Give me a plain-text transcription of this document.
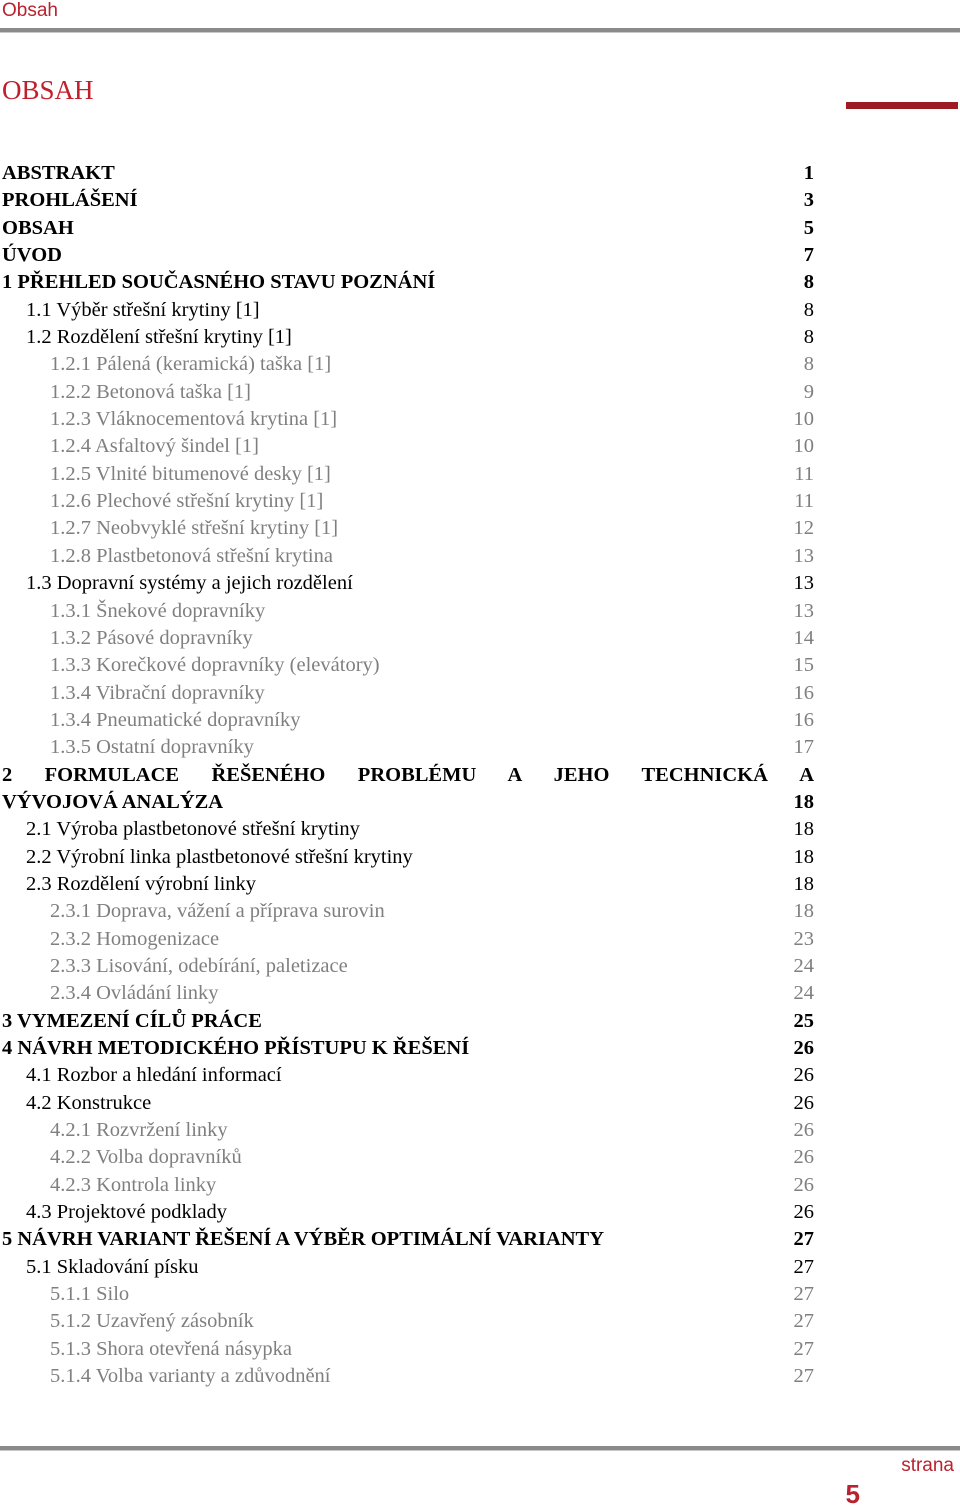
Obsah
OBSAH
ABSTRAKT	1
PROHLÁŠENÍ	3
OBSAH	5
ÚVOD	7
1 PŘEHLED SOUČASNÉHO STAVU POZNÁNÍ	8
1.1 Výběr střešní krytiny [1]	8
1.2 Rozdělení střešní krytiny [1]	8
1.2.1 Pálená (keramická) taška [1]	8
1.2.2 Betonová taška [1]	9
1.2.3 Vláknocementová krytina [1]	10
1.2.4 Asfaltový šindel [1]	10
1.2.5 Vlnité bitumenové desky [1]	11
1.2.6 Plechové střešní krytiny [1]	11
1.2.7 Neobvyklé střešní krytiny [1]	12
1.2.8 Plastbetonová střešní krytina	13
1.3 Dopravní systémy a jejich rozdělení	13
1.3.1 Šnekové dopravníky	13
1.3.2 Pásové dopravníky	14
1.3.3 Korečkové dopravníky (elevátory)	15
1.3.4 Vibrační dopravníky	16
1.3.4 Pneumatické dopravníky	16
1.3.5 Ostatní dopravníky	17
2 FORMULACE ŘEŠENÉHO PROBLÉMU A JEHO TECHNICKÁ A
VÝVOJOVÁ ANALÝZA	18
2.1 Výroba plastbetonové střešní krytiny	18
2.2 Výrobní linka plastbetonové střešní krytiny	18
2.3 Rozdělení výrobní linky	18
2.3.1 Doprava, vážení a příprava surovin	18
2.3.2 Homogenizace	23
2.3.3 Lisování, odebírání, paletizace	24
2.3.4 Ovládání linky	24
3 VYMEZENÍ CÍLŮ PRÁCE	25
4 NÁVRH METODICKÉHO PŘÍSTUPU K ŘEŠENÍ	26
4.1 Rozbor a hledání informací	26
4.2 Konstrukce	26
4.2.1 Rozvržení linky	26
4.2.2 Volba dopravníků	26
4.2.3 Kontrola linky	26
4.3 Projektové podklady	26
5 NÁVRH VARIANT ŘEŠENÍ A VÝBĚR OPTIMÁLNÍ VARIANTY	27
5.1 Skladování písku	27
5.1.1 Silo	27
5.1.2 Uzavřený zásobník	27
5.1.3 Shora otevřená násypka	27
5.1.4 Volba varianty a zdůvodnění	27
strana
5
